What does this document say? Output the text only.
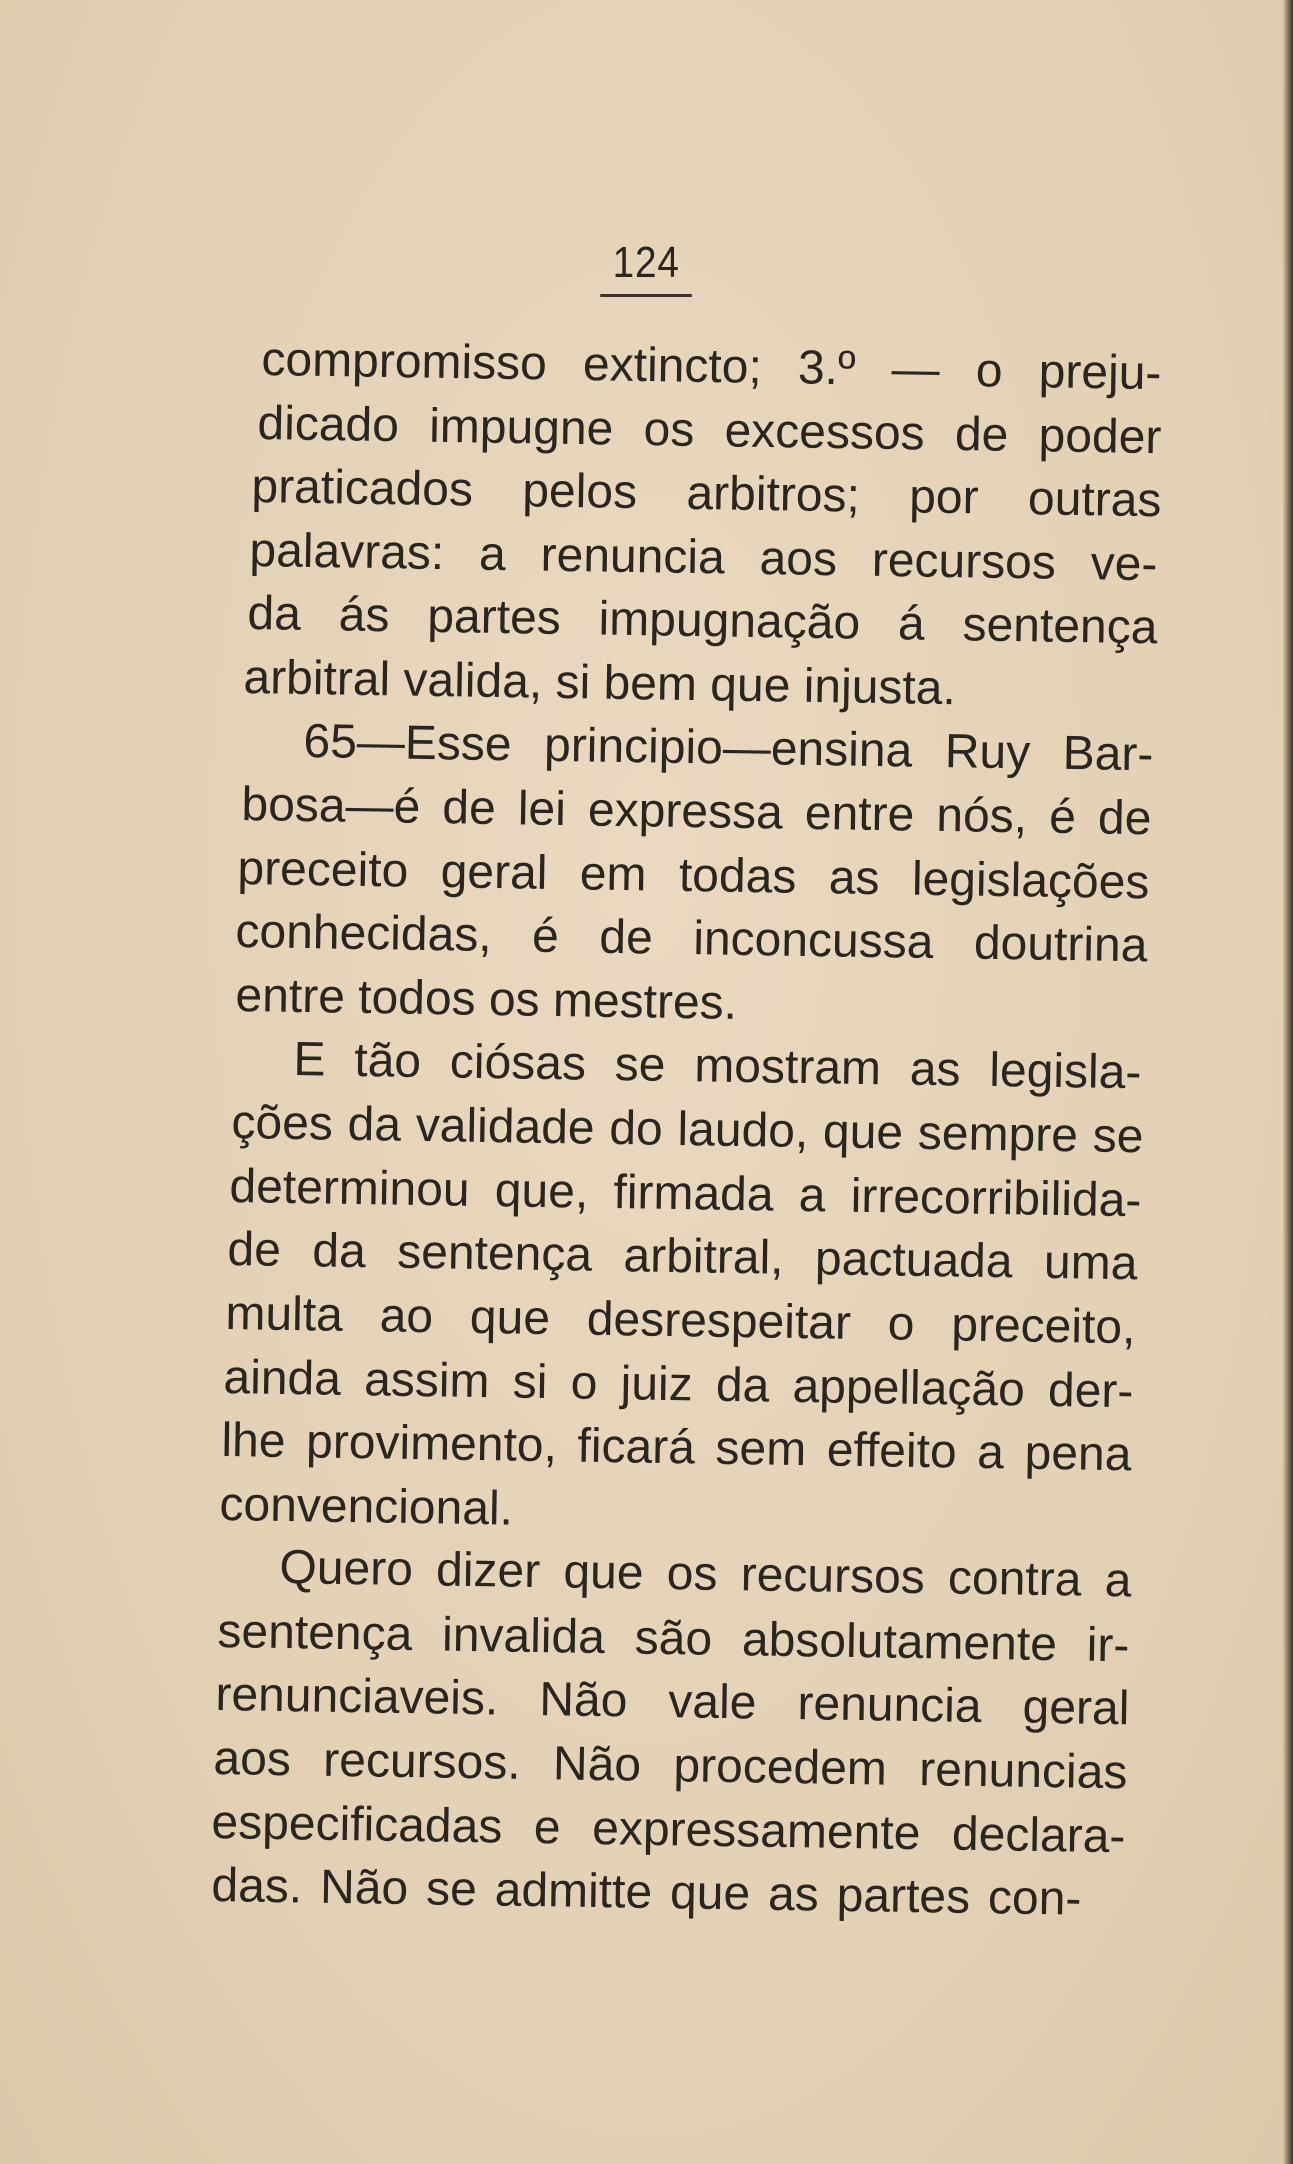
124
compromisso extincto; 3.º — o preju-
dicado impugne os excessos de poder
praticados pelos arbitros; por outras
palavras: a renuncia aos recursos ve-
da ás partes impugnação á sentença
arbitral valida, si bem que injusta.
65—Esse principio—ensina Ruy Bar-
bosa—é de lei expressa entre nós, é de
preceito geral em todas as legislações
conhecidas, é de inconcussa doutrina
entre todos os mestres.
E tão ciósas se mostram as legisla-
ções da validade do laudo, que sempre se
determinou que, firmada a irrecorribilida-
de da sentença arbitral, pactuada uma
multa ao que desrespeitar o preceito,
ainda assim si o juiz da appellação der-
lhe provimento, ficará sem effeito a pena
convencional.
Quero dizer que os recursos contra a
sentença invalida são absolutamente ir-
renunciaveis. Não vale renuncia geral
aos recursos. Não procedem renuncias
especificadas e expressamente declara-
das. Não se admitte que as partes con-
